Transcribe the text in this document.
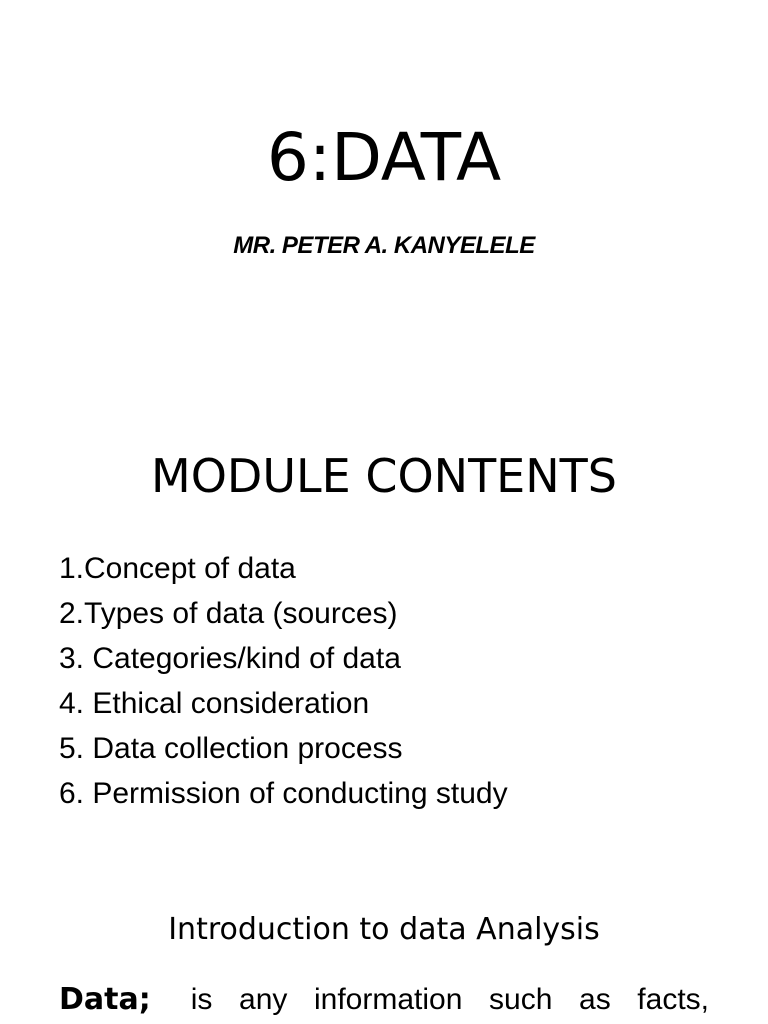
6:DATA
MR. PETER A. KANYELELE
MODULE CONTENTS
1.Concept of data
2.Types of data (sources)
3. Categories/kind of data
4. Ethical consideration
5. Data collection process
6. Permission of conducting study
Introduction to data Analysis
Data; is any information such as facts,
